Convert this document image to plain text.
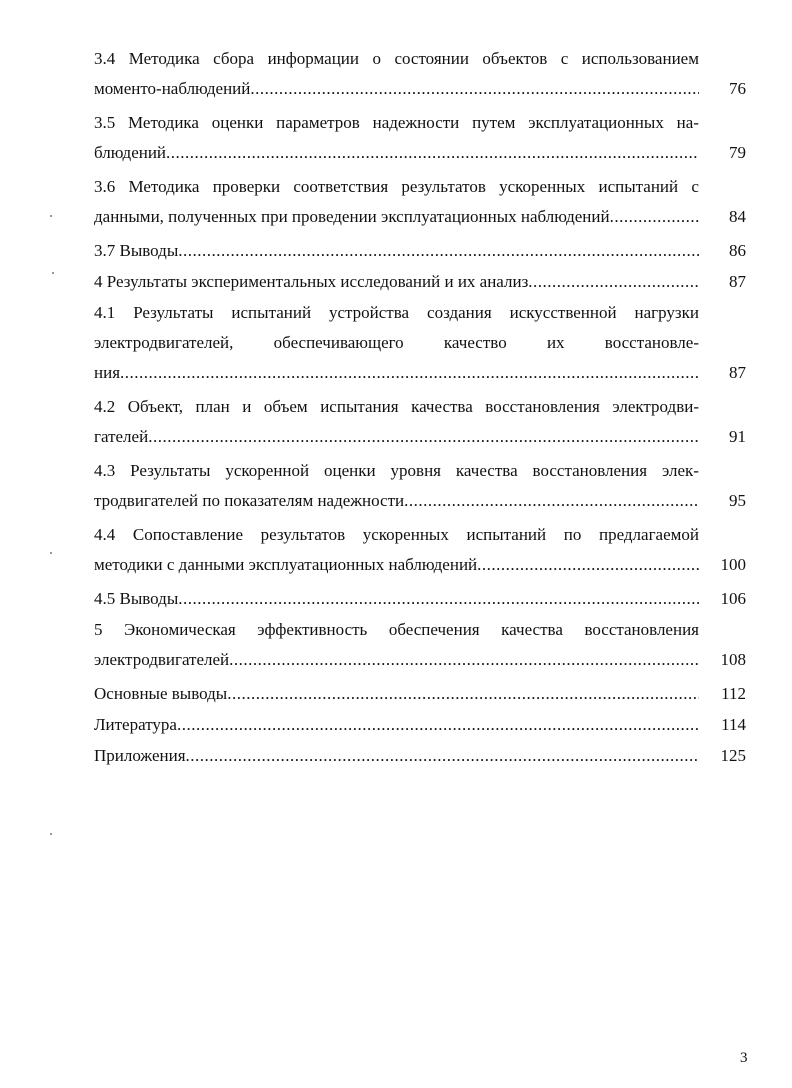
3.4 Методика сбора информации о состоянии объектов с использованием
моменто-наблюдений .....	76
3.5 Методика оценки параметров надежности путем эксплуатационных на-
блюдений .....	79
3.6 Методика проверки соответствия результатов ускоренных испытаний с
данными, полученных при проведении эксплуатационных наблюдений .....	84
3.7 Выводы .....	86
4 Результаты экспериментальных исследований и их анализ .....	87
4.1 Результаты испытаний устройства создания искусственной нагрузки
электродвигателей, обеспечивающего качество их восстановле-
ния .....	87
4.2 Объект, план и объем испытания качества восстановления электродви-
гателей .....	91
4.3 Результаты ускоренной оценки уровня качества восстановления элек-
тродвигателей по показателям надежности .....	95
4.4 Сопоставление результатов ускоренных испытаний по предлагаемой
методики с данными эксплуатационных наблюдений .....	100
4.5 Выводы .....	106
5 Экономическая эффективность обеспечения качества восстановления
электродвигателей .....	108
Основные выводы .....	112
Литература .....	114
Приложения .....	125
3
